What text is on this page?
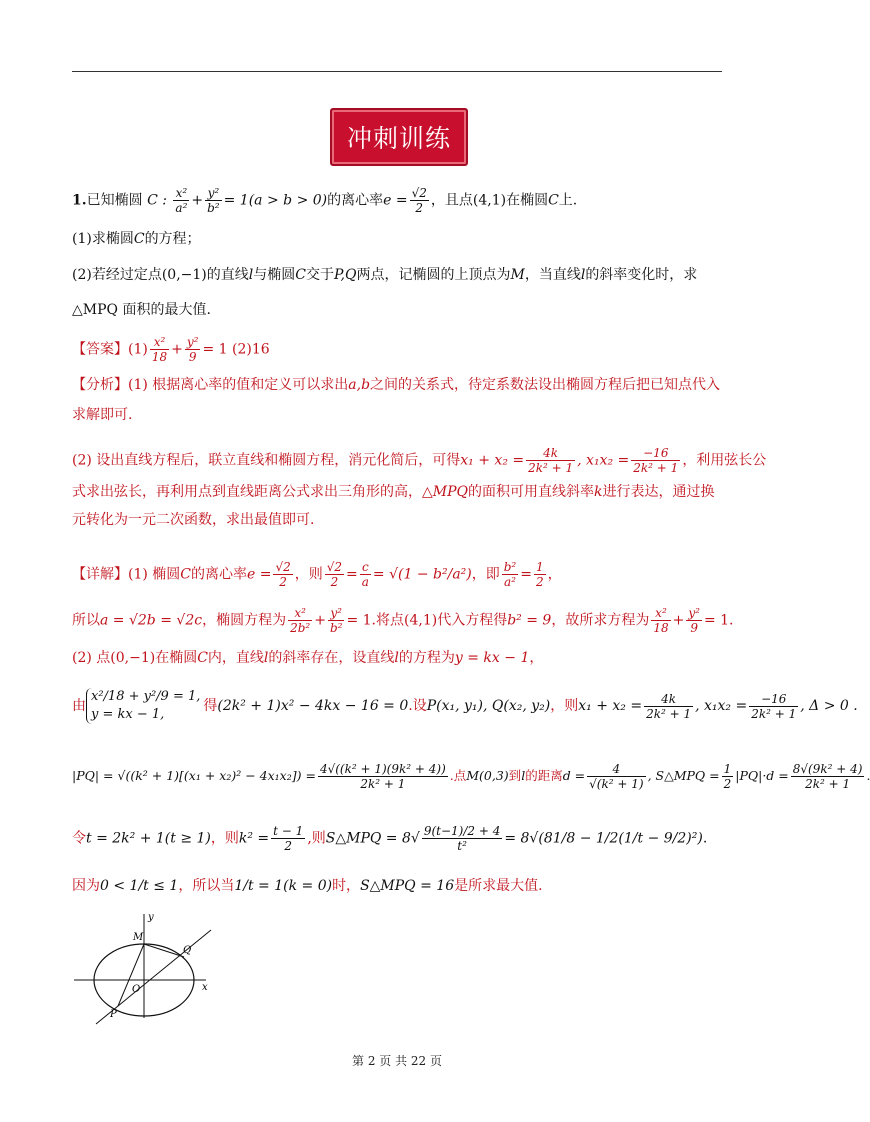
冲刺训练
1.已知椭圆 C : $\frac{\text{x²}}{\text{a²}} + \frac{\text{y²}}{\text{b²}} = 1(a > b > 0)$的离心率$e = \frac{√2}{2}$ ，且点(4,1)在椭圆C上.
(1)求椭圆C的方程；
(2)若经过定点(0,−1)的直线l与椭圆C交于P,Q两点，记椭圆的上顶点为M，当直线l的斜率变化时，求
△MPQ 面积的最大值.
【答案】$(1) \frac{\text{x²}}{18} + \frac{\text{y²}}{9} = 1$ (2)16
【分析】(1) 根据离心率的值和定义可以求出a,b之间的关系式，待定系数法设出椭圆方程后把已知点代入
求解即可.
(2) 设出直线方程后，联立直线和椭圆方程，消元化简后，可得$x_1 + x_2 = \frac{4k}{\text{2k² + 1}}$ , $x_1x_2 = \frac{-16}{\text{2k² + 1}}$ ，利用弦长公
式求出弦长，再利用点到直线距离公式求出三角形的高，△MPQ的面积可用直线斜率k进行表达，通过换
元转化为一元二次函数，求出最值即可.
【详解】(1) 椭圆C的离心率$e = \frac{√2}{2}$ ，则 $\frac{√2}{2} = \frac{c}{a} = √(1 - b^2/a^2)$，即 $\frac{\text{b²}}{\text{a²}} = \frac{1}{2}$ ，
所以a = √2b = √2c，椭圆方程为 $\frac{\text{x²}}{\text{2b²}} + \frac{\text{y²}}{\text{b²}} = 1$.将点(4,1)代入方程得b² = 9，故所求方程为 $\frac{\text{x²}}{18} + \frac{\text{y²}}{9} = 1$.
(2) 点(0,−1)在椭圆C内，直线l的斜率存在，设直线l的方程为y = kx − 1，
由
x²/18 + y²/9 = 1,
y = kx − 1,
得(2k² + 1)x² − 4kx − 16 = 0.设P(x₁, y₁), Q(x₂, y₂)，则$x_1 + x_2 = \frac{4k}{\text{2k² + 1}}$ , $x_1x_2 = \frac{-16}{\text{2k² + 1}}$ , Δ > 0 .
$|PQ| = √((k^2 + 1)[(x_1 + x_2)^2 - 4x_1x_2]) = \frac{\text{4√((k² + 1)(9k² + 4))}}{\text{2k² + 1}}$ .点M(0,3)到l的距离$d = \frac{4}{\text{√(k² + 1)}}$ , S△MPQ = $\frac{1}{2} |PQ|\cdot d = \frac{\text{8√(9k² + 4)}}{\text{2k² + 1}}$
令t = 2k² + 1(t ≥ 1)，则$k^2 = \frac{t - 1}{2}$ ,则S△MPQ = $8√ \frac{9(t-1)/2 + 4}{\text{t²}} = 8√(81/8 - 1/2(1/t - 9/2)^2)$.
因为0 < 1/t ≤ 1，所以当1/t = 1(k = 0)时，S△MPQ = 16是所求最大值.
y
x
M
Q
O
P
第 2 页 共 22 页
